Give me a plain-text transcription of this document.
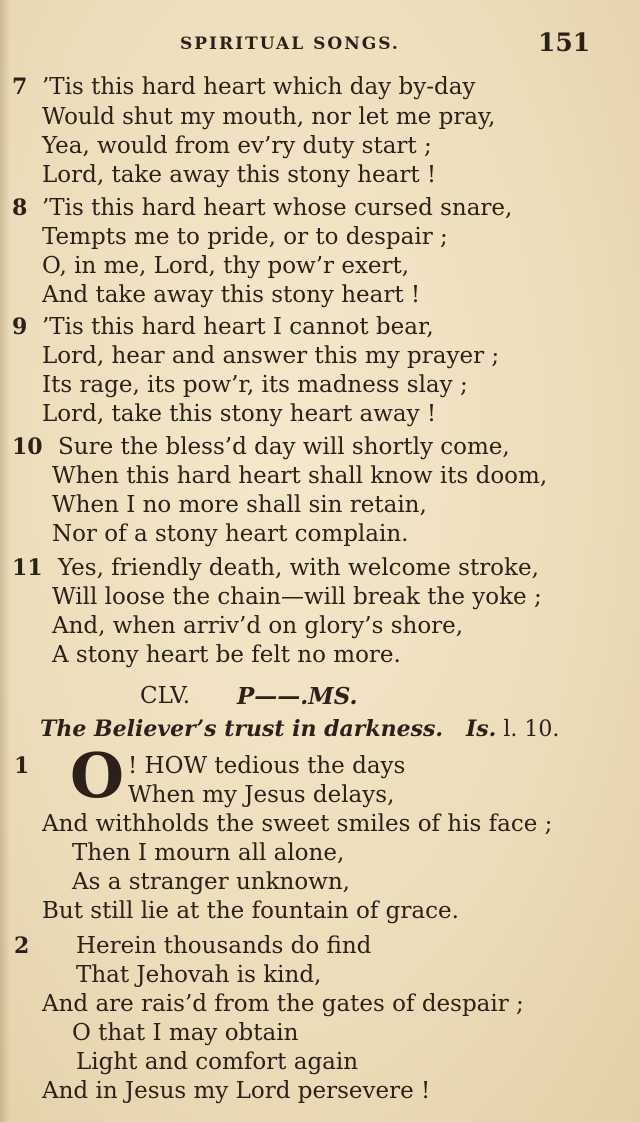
SPIRITUAL SONGS.	151
7 ’Tis this hard heart which day by-day
Would shut my mouth, nor let me pray,
Yea, would from ev’ry duty start ;
Lord, take away this stony heart !
8 ’Tis this hard heart whose cursed snare,
Tempts me to pride, or to despair ;
O, in me, Lord, thy pow’r exert,
And take away this stony heart !
9 ’Tis this hard heart I cannot bear,
Lord, hear and answer this my prayer ;
Its rage, its pow’r, its madness slay ;
Lord, take this stony heart away !
10 Sure the bless’d day will shortly come,
When this hard heart shall know its doom,
When I no more shall sin retain,
Nor of a stony heart complain.
11 Yes, friendly death, with welcome stroke,
Will loose the chain—will break the yoke ;
And, when arriv’d on glory’s shore,
A stony heart be felt no more.
CLV. P——.MS.
The Believer’s trust in darkness. Is. l. 10.
1 O ! HOW tedious the days
When my Jesus delays,
And withholds the sweet smiles of his face ;
Then I mourn all alone,
As a stranger unknown,
But still lie at the fountain of grace.
2 Herein thousands do find
That Jehovah is kind,
And are rais’d from the gates of despair ;
O that I may obtain
Light and comfort again
And in Jesus my Lord persevere !
